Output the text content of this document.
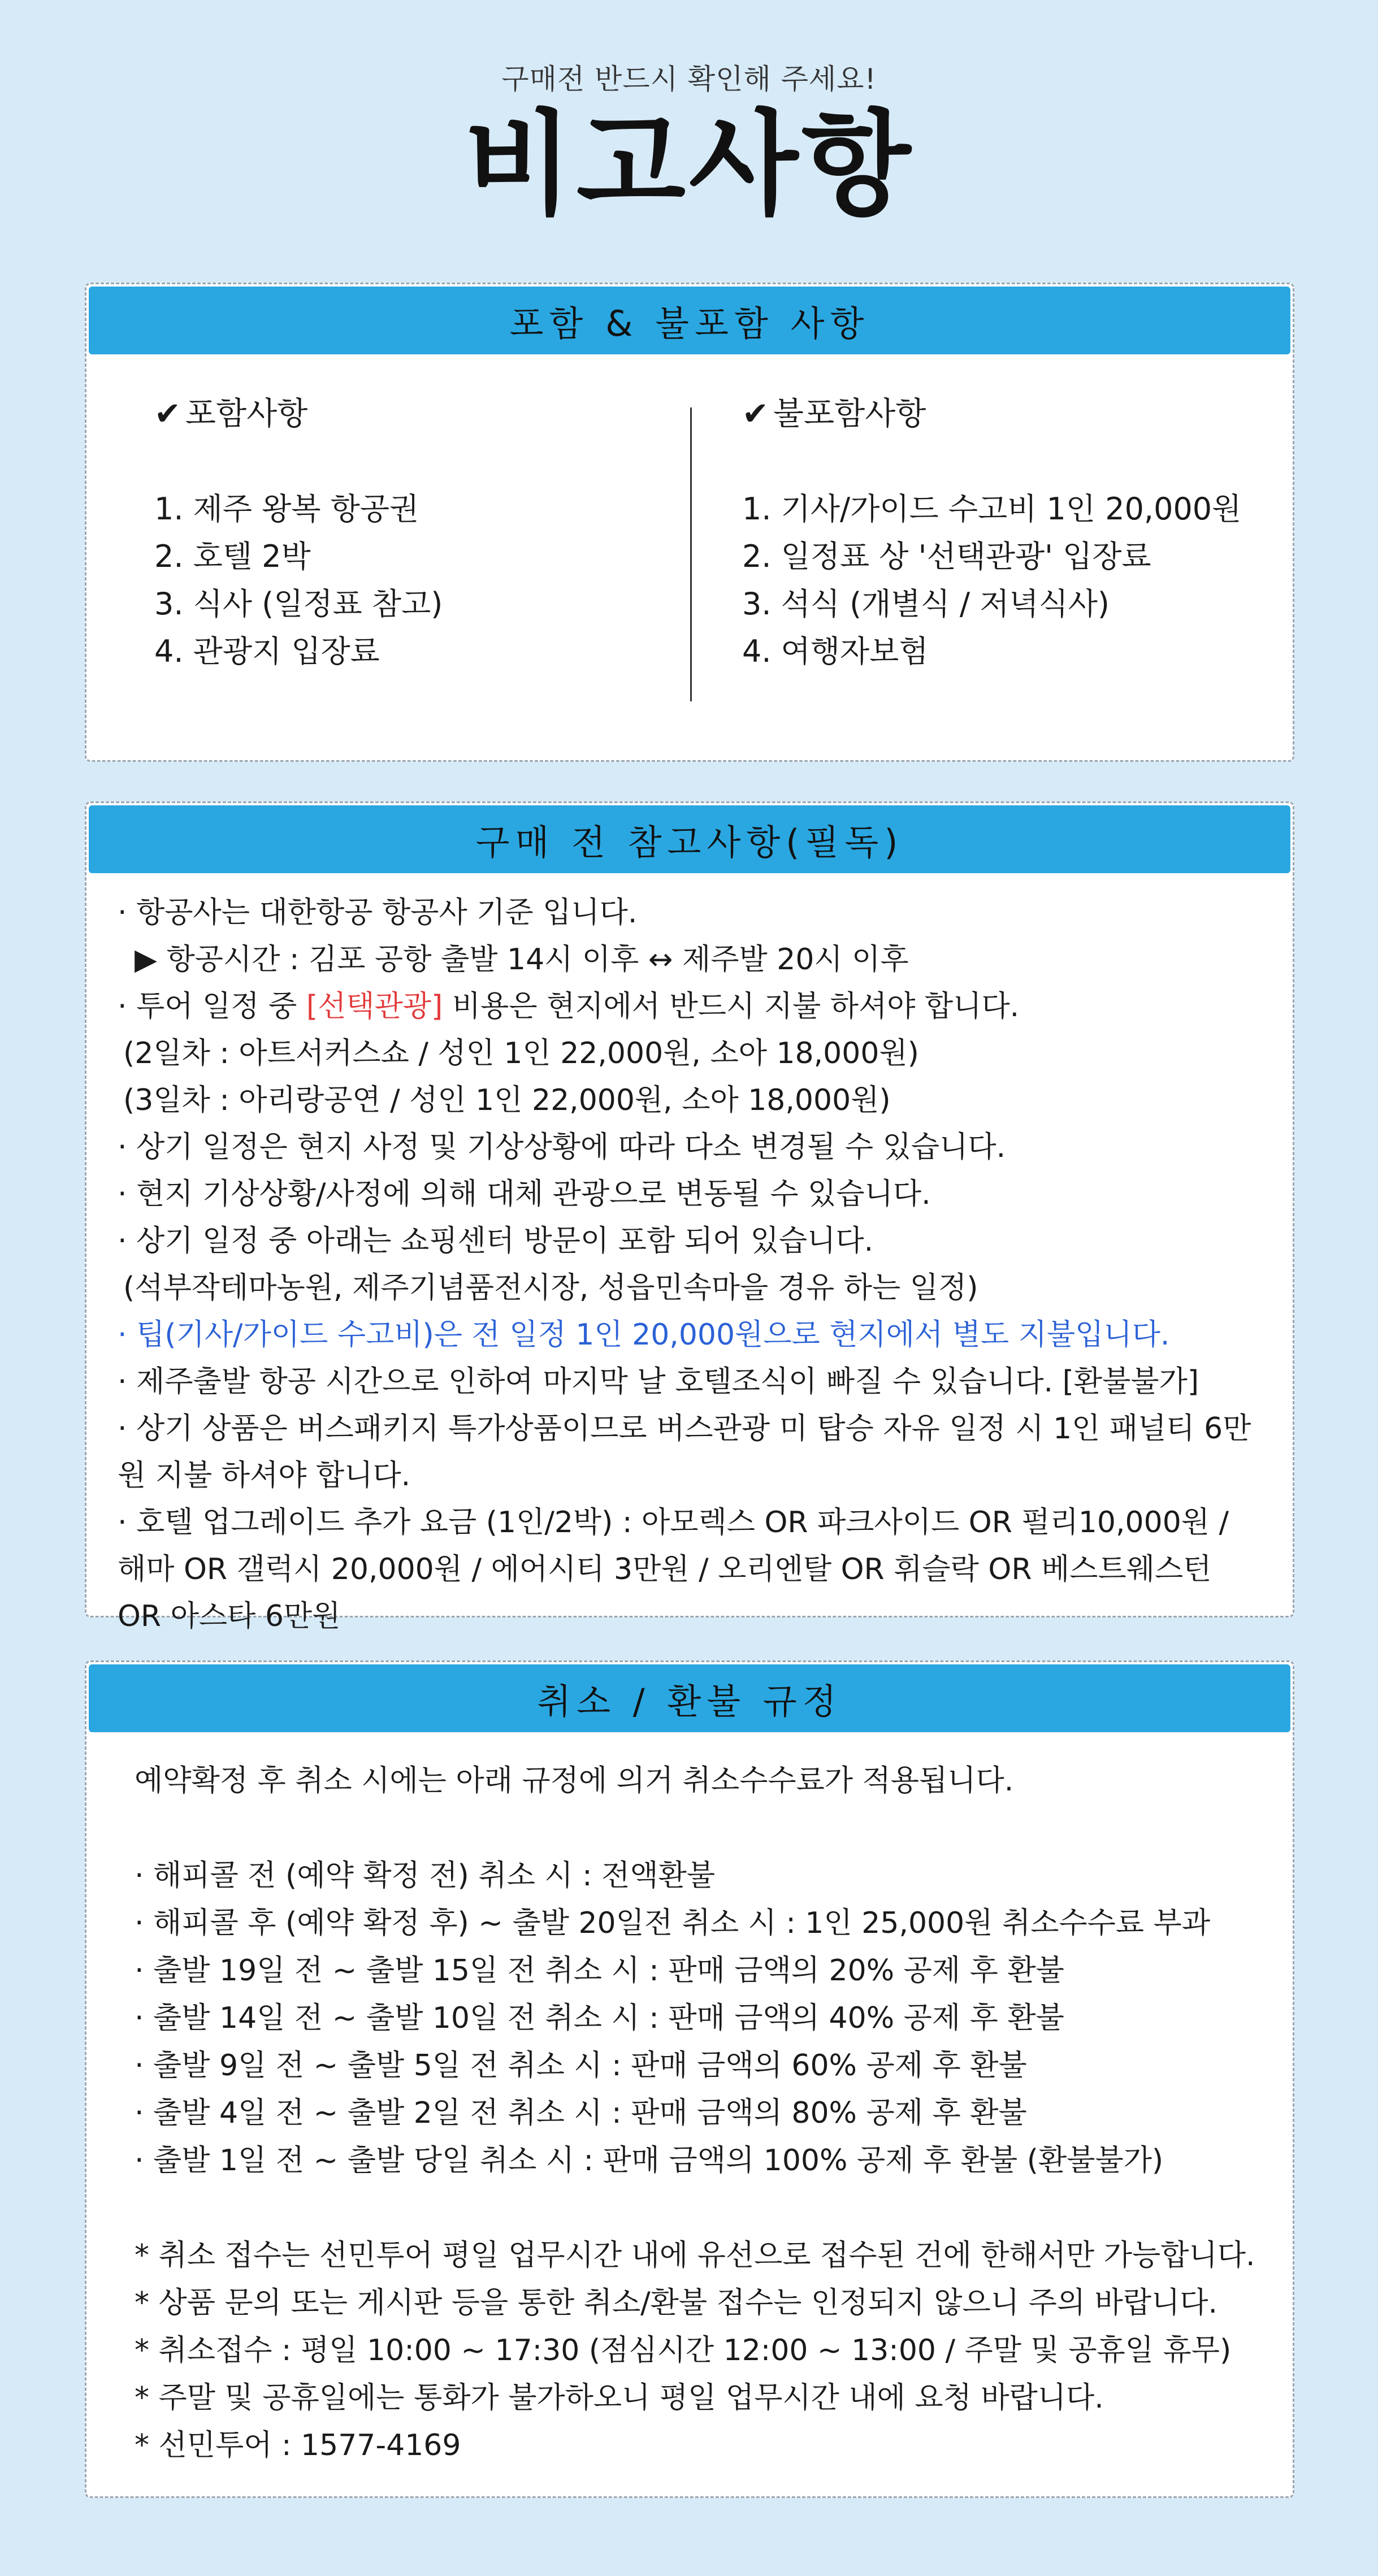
구매전 반드시 확인해 주세요!
비고사항
포함 & 불포함 사항
✔ 포함사항
1. 제주 왕복 항공권
2. 호텔 2박
3. 식사 (일정표 참고)
4. 관광지 입장료
✔ 불포함사항
1. 기사/가이드 수고비 1인 20,000원
2. 일정표 상 '선택관광' 입장료
3. 석식 (개별식 / 저녁식사)
4. 여행자보험
구매 전 참고사항(필독)

· 항공사는 대한항공 항공사 기준 입니다.

▶ 항공시간 : 김포 공항 출발 14시 이후 ↔ 제주발 20시 이후

· 투어 일정 중 [선택관광] 비용은 현지에서 반드시 지불 하셔야 합니다.

(2일차 : 아트서커스쇼 / 성인 1인 22,000원, 소아 18,000원)

(3일차 : 아리랑공연 / 성인 1인 22,000원, 소아 18,000원)

· 상기 일정은 현지 사정 및 기상상황에 따라 다소 변경될 수 있습니다.

· 현지 기상상황/사정에 의해 대체 관광으로 변동될 수 있습니다.

· 상기 일정 중 아래는 쇼핑센터 방문이 포함 되어 있습니다.

(석부작테마농원, 제주기념품전시장, 성읍민속마을 경유 하는 일정)

· 팁(기사/가이드 수고비)은 전 일정 1인 20,000원으로 현지에서 별도 지불입니다.

· 제주출발 항공 시간으로 인하여 마지막 날 호텔조식이 빠질 수 있습니다. [환불불가]

· 상기 상품은 버스패키지 특가상품이므로 버스관광 미 탑승 자유 일정 시 1인 패널티 6만원 지불 하셔야 합니다.

· 호텔 업그레이드 추가 요금 (1인/2박) : 아모렉스 OR 파크사이드 OR 펄리10,000원 / 해마 OR 갤럭시 20,000원 / 에어시티 3만원 / 오리엔탈 OR 휘슬락 OR 베스트웨스턴 OR 아스타 6만원

취소 / 환불 규정

예약확정 후 취소 시에는 아래 규정에 의거 취소수수료가 적용됩니다.

· 해피콜 전 (예약 확정 전) 취소 시 : 전액환불

· 해피콜 후 (예약 확정 후) ~ 출발 20일전 취소 시 : 1인 25,000원 취소수수료 부과

· 출발 19일 전 ~ 출발 15일 전 취소 시 : 판매 금액의 20% 공제 후 환불

· 출발 14일 전 ~ 출발 10일 전 취소 시 : 판매 금액의 40% 공제 후 환불

· 출발 9일 전 ~ 출발 5일 전 취소 시 : 판매 금액의 60% 공제 후 환불

· 출발 4일 전 ~ 출발 2일 전 취소 시 : 판매 금액의 80% 공제 후 환불

· 출발 1일 전 ~ 출발 당일 취소 시 : 판매 금액의 100% 공제 후 환불 (환불불가)

* 취소 접수는 선민투어 평일 업무시간 내에 유선으로 접수된 건에 한해서만 가능합니다.

* 상품 문의 또는 게시판 등을 통한 취소/환불 접수는 인정되지 않으니 주의 바랍니다.

* 취소접수 : 평일 10:00 ~ 17:30 (점심시간 12:00 ~ 13:00 / 주말 및 공휴일 휴무)

* 주말 및 공휴일에는 통화가 불가하오니 평일 업무시간 내에 요청 바랍니다.

* 선민투어 : 1577-4169
